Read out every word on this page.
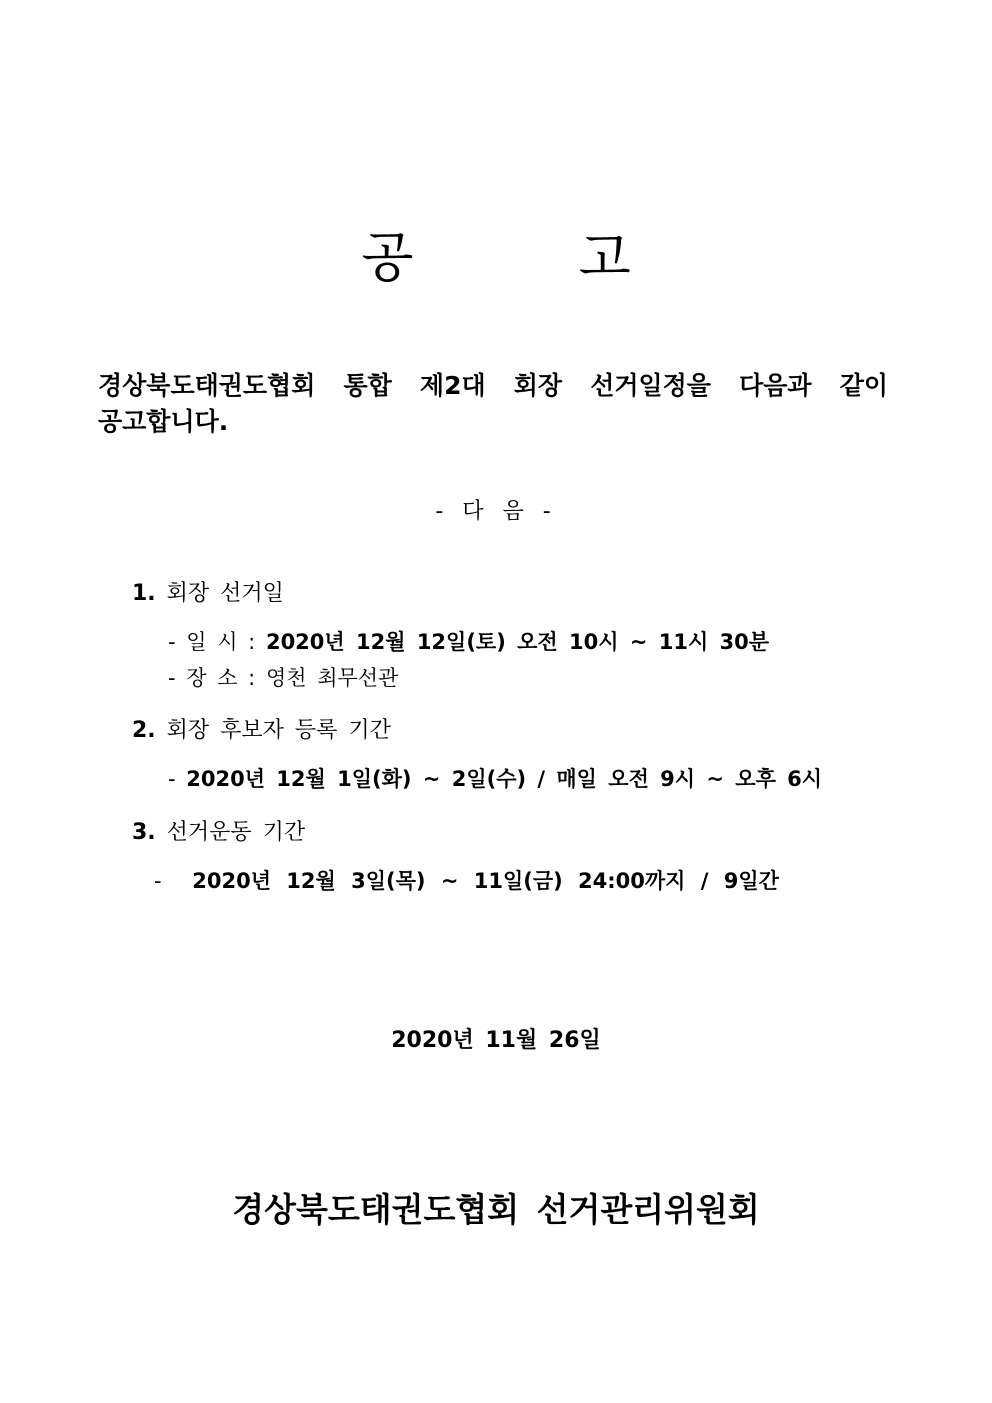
공 고
경상북도태권도협회 통합 제2대 회장 선거일정을 다음과 같이
공고합니다.
- 다 음 -
1. 회장 선거일
- 일 시 : 2020년 12월 12일(토) 오전 10시 ~ 11시 30분
- 장 소 : 영천 최무선관
2. 회장 후보자 등록 기간
- 2020년 12월 1일(화) ~ 2일(수) / 매일 오전 9시 ~ 오후 6시
3. 선거운동 기간
- 2020년 12월 3일(목) ~ 11일(금) 24:00까지 / 9일간
2020년 11월 26일
경상북도태권도협회 선거관리위원회
